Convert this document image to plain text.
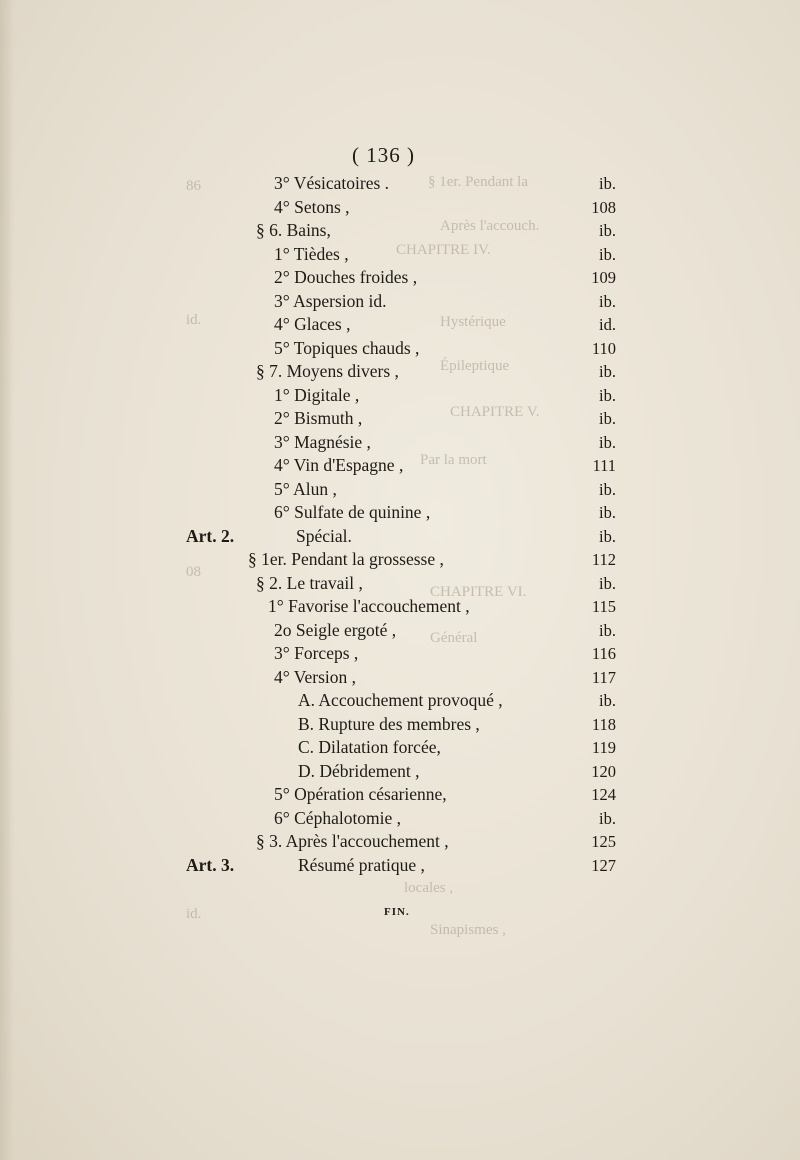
§ 1er. Pendant la
Après l'accouch.
CHAPITRE IV.
Hystérique
Épileptique
CHAPITRE V.
Par la mort
CHAPITRE VI.
Général
locales ,
Sinapismes ,
86
id.
08
id.
( 136 )
3° Vésicatoires .	ib.
4° Setons ,	108
§ 6. Bains,	ib.
1° Tièdes ,	ib.
2° Douches froides ,	109
3° Aspersion id.	ib.
4° Glaces ,	id.
5° Topiques chauds ,	110
§ 7. Moyens divers ,	ib.
1° Digitale ,	ib.
2° Bismuth ,	ib.
3° Magnésie ,	ib.
4° Vin d'Espagne ,	111
5° Alun ,	ib.
6° Sulfate de quinine ,	ib.
Art. 2.	Spécial.	ib.
§ 1er. Pendant la grossesse ,	112
§ 2. Le travail ,	ib.
1° Favorise l'accouchement ,	115
2o Seigle ergoté ,	ib.
3° Forceps ,	116
4° Version ,	117
A. Accouchement provoqué ,	ib.
B. Rupture des membres ,	118
C. Dilatation forcée,	119
D. Débridement ,	120
5° Opération césarienne,	124
6° Céphalotomie ,	ib.
§ 3. Après l'accouchement ,	125
Art. 3.	Résumé pratique ,	127
FIN.
